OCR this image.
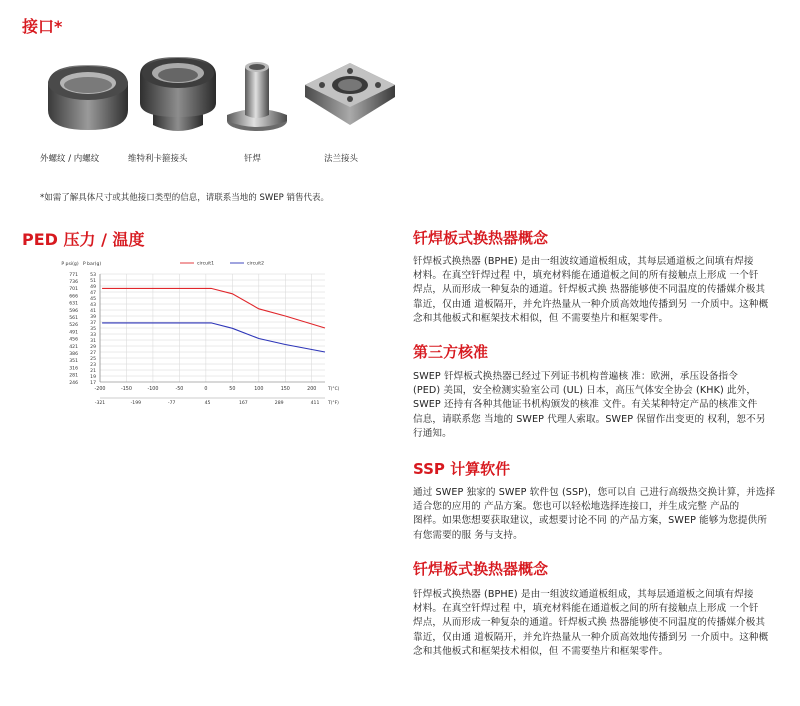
接口*
外螺纹 / 内螺纹	维特利卡箍接头	钎焊	法兰接头
*如需了解具体尺寸或其他接口类型的信息，请联系当地的 SWEP 销售代表。
PED 压力 / 温度
53
51
49
47
45
43
41
39
37
35
33
31
29
27
25
23
21
19
17
771
736
701
666
631
596
561
526
491
456
421
386
351
316
281
246
-200	-150	-100	-50	0	50	100	150	200	T(°C)
P bar(g)
P psi(g)
-321	-199	-77	45	167	289	411 T(°F)
circuit1	circuit2
钎焊板式换热器概念
钎焊板式换热器 (BPHE) 是由一组波纹通道板组成，其每层通道板之间填有焊接
材料。在真空钎焊过程 中，填充材料能在通道板之间的所有接触点上形成 一个钎
焊点，从而形成一种复杂的通道。钎焊板式换 热器能够使不同温度的传播媒介极其
靠近，仅由通 道板隔开，并允许热量从一种介质高效地传播到另 一介质中。这种概
念和其他板式和框架技术相似，但 不需要垫片和框架零件。
第三方核准
SWEP 钎焊板式换热器已经过下列证书机构普遍核 准：欧洲，承压设备指令
(PED) 美国，安全检测实验室公司 (UL) 日本，高压气体安全协会 (KHK) 此外，
SWEP 还持有各种其他证书机构颁发的核准 文件。有关某种特定产品的核准文件
信息，请联系您 当地的 SWEP 代理人索取。SWEP 保留作出变更的 权利，恕不另
行通知。
SSP 计算软件
通过 SWEP 独家的 SWEP 软件包 (SSP)，您可以自 己进行高级热交换计算，并选择
适合您的应用的 产品方案。您也可以轻松地选择连接口，并生成完整 产品的
图样。如果您想要获取建议，或想要讨论不同 的产品方案，SWEP 能够为您提供所
有您需要的服 务与支持。
钎焊板式换热器概念
钎焊板式换热器 (BPHE) 是由一组波纹通道板组成，其每层通道板之间填有焊接
材料。在真空钎焊过程 中，填充材料能在通道板之间的所有接触点上形成 一个钎
焊点，从而形成一种复杂的通道。钎焊板式换 热器能够使不同温度的传播媒介极其
靠近，仅由通 道板隔开，并允许热量从一种介质高效地传播到另 一介质中。这种概
念和其他板式和框架技术相似，但 不需要垫片和框架零件。
